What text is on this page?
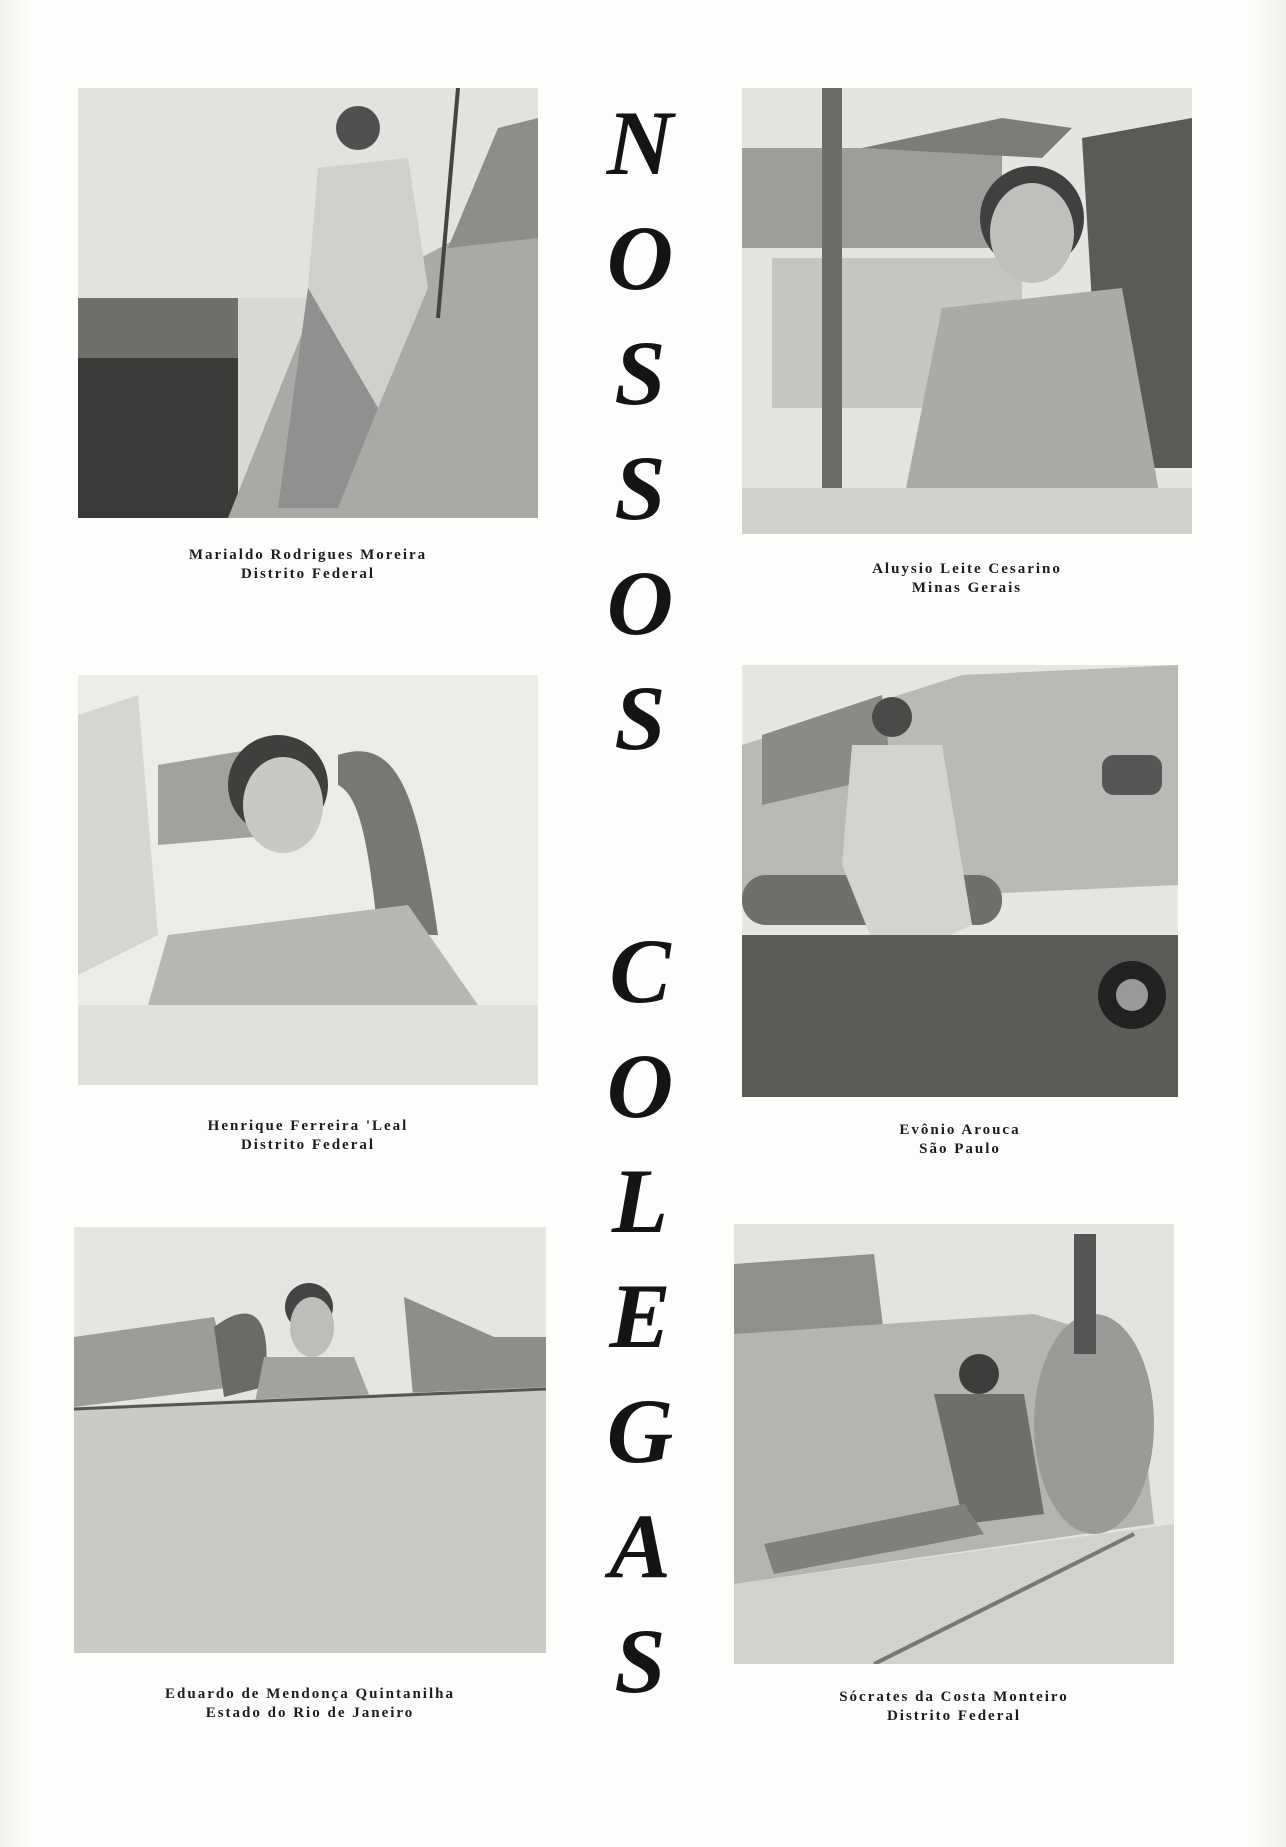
Marialdo Rodrigues Moreira
Distrito Federal	Aluysio Leite Cesarino
Minas Gerais
Henrique Ferreira 'Leal
Distrito Federal
Evônio Arouca
São Paulo
Eduardo de Mendonça Quintanilha
Estado do Rio de Janeiro
Sócrates da Costa Monteiro
Distrito Federal
N
O
S
S
O
S
C
O
L
E
G
A
S
